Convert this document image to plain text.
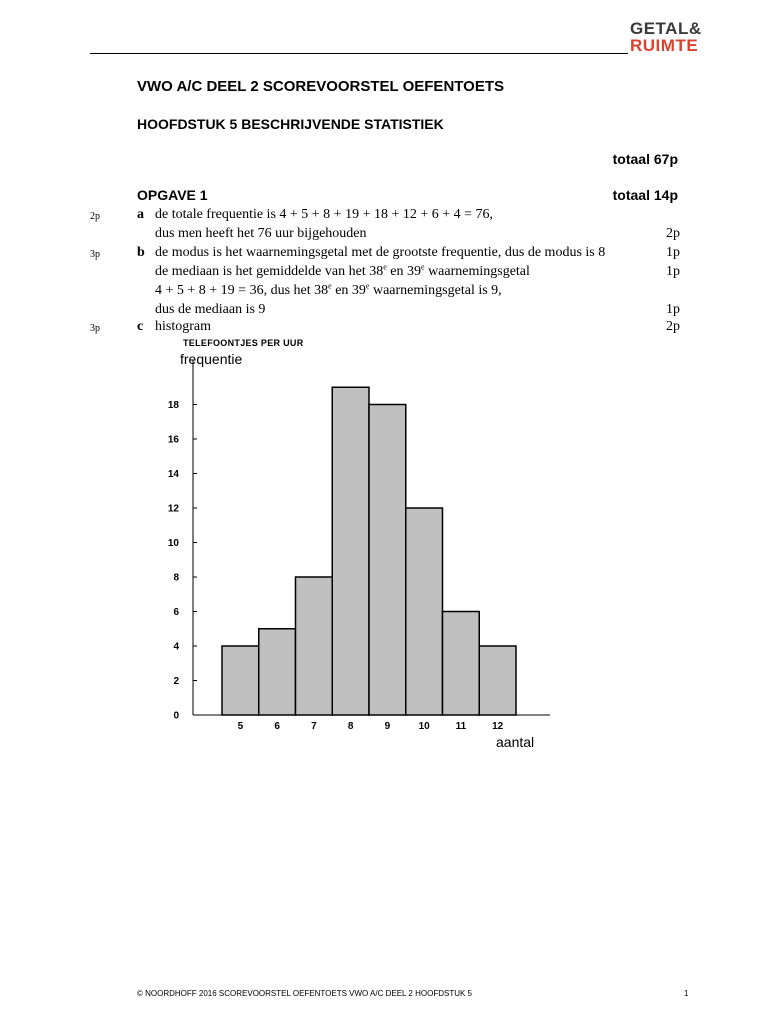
GETAL&
RUIMTE
VWO A/C DEEL 2 SCOREVOORSTEL OEFENTOETS
HOOFDSTUK 5 BESCHRIJVENDE STATISTIEK
totaal 67p
OPGAVE 1	totaal 14p
2p	a de totale frequentie is 4 + 5 + 8 + 19 + 18 + 12 + 6 + 4 = 76,
dus men heeft het 76 uur bijgehouden	2p
3p	b de modus is het waarnemingsgetal met de grootste frequentie, dus de modus is 8	1p
de mediaan is het gemiddelde van het 38e en 39e waarnemingsgetal	1p
4 + 5 + 8 + 19 = 36, dus het 38e en 39e waarnemingsgetal is 9,
dus de mediaan is 9	1p
3p	c histogram	2p
TELEFOONTJES PER UUR
frequentie
aantal
0
2
4
6
8
10
12
14
16
18
5	6	7	8	9	10	11	12
© NOORDHOFF 2016 SCOREVOORSTEL OEFENTOETS VWO A/C DEEL 2 HOOFDSTUK 5	1
